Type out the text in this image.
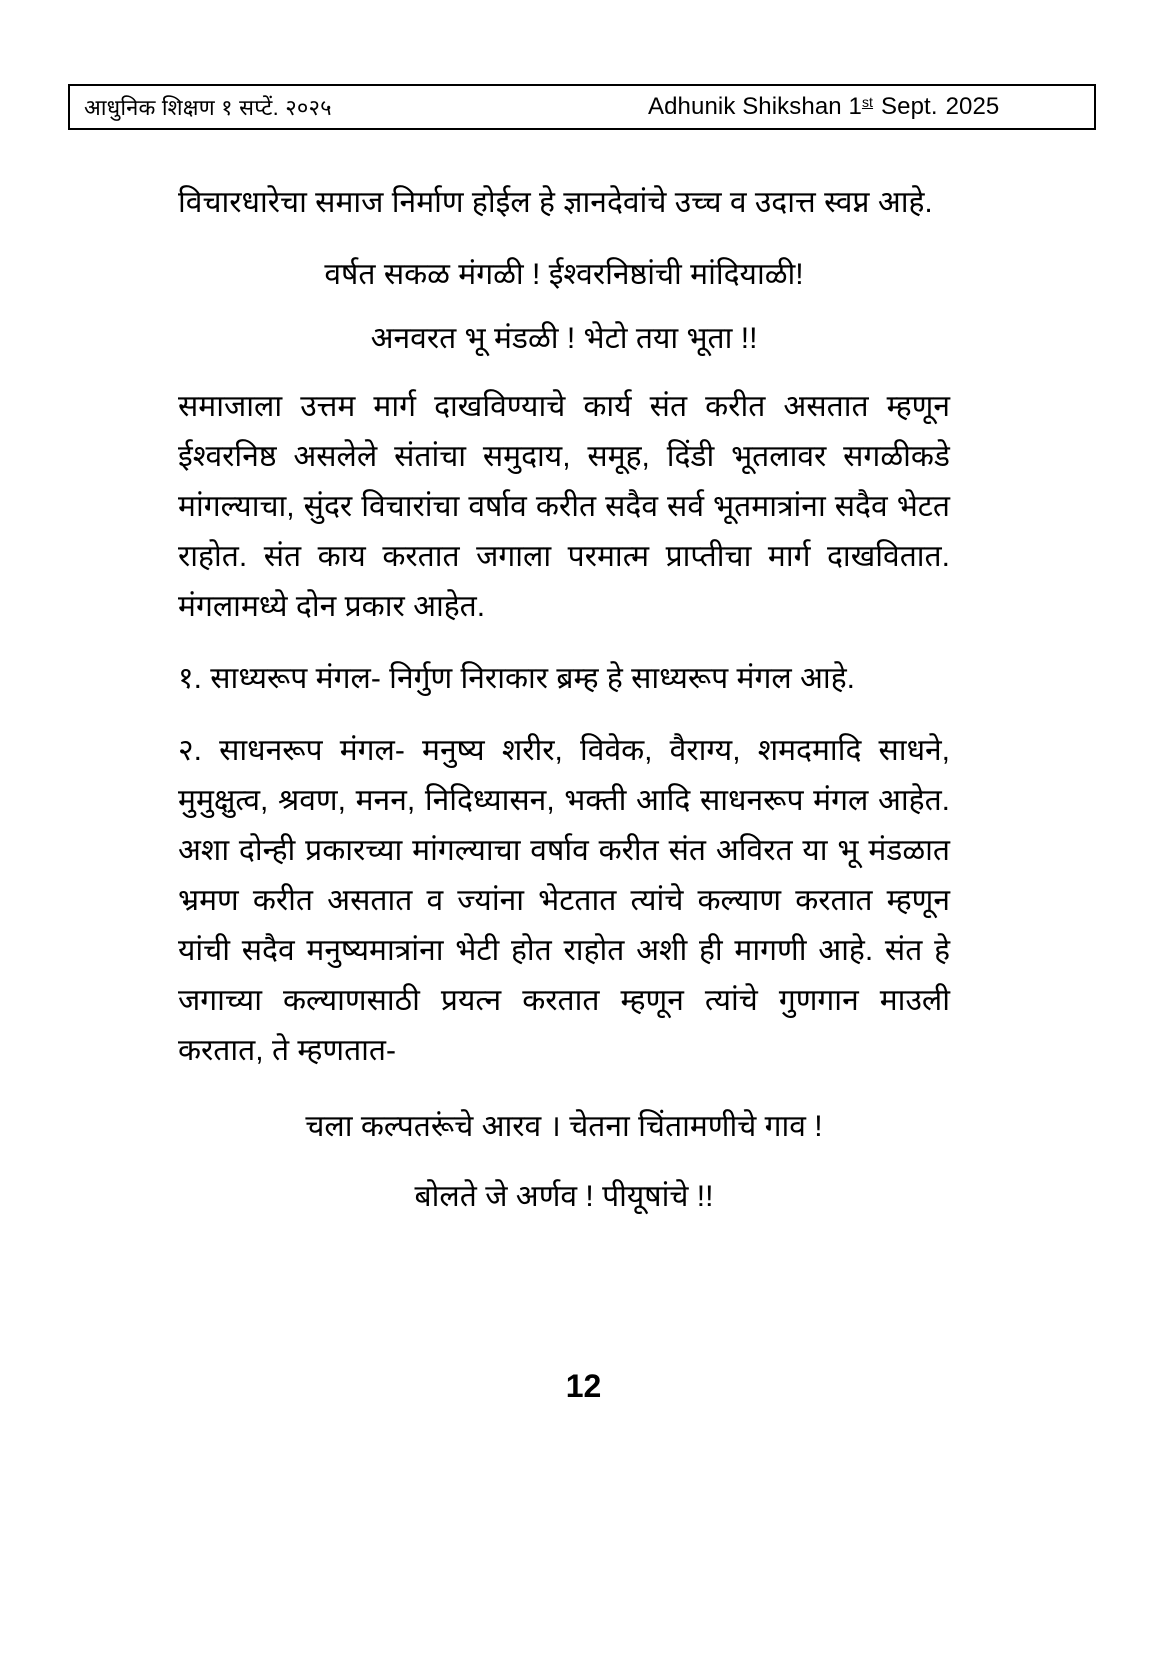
आधुनिक शिक्षण १ सप्टें. २०२५	Adhunik Shikshan 1st Sept. 2025

विचारधारेचा समाज निर्माण होईल हे ज्ञानदेवांचे उच्च व उदात्त स्वप्न आहे.

वर्षत सकळ मंगळी ! ईश्वरनिष्ठांची मांदियाळी!

अनवरत भू मंडळी ! भेटो तया भूता !!

समाजाला उत्तम मार्ग दाखविण्याचे कार्य संत करीत असतात म्हणून ईश्वरनिष्ठ असलेले संतांचा समुदाय, समूह, दिंडी भूतलावर सगळीकडे मांगल्याचा, सुंदर विचारांचा वर्षाव करीत सदैव सर्व भूतमात्रांना सदैव भेटत राहोत. संत काय करतात जगाला परमात्म प्राप्तीचा मार्ग दाखवितात. मंगलामध्ये दोन प्रकार आहेत.

१. साध्यरूप मंगल- निर्गुण निराकार ब्रम्ह हे साध्यरूप मंगल आहे.

२. साधनरूप मंगल- मनुष्य शरीर, विवेक, वैराग्य, शमदमादि साधने, मुमुक्षुत्व, श्रवण, मनन, निदिध्यासन, भक्ती आदि साधनरूप मंगल आहेत. अशा दोन्ही प्रकारच्या मांगल्याचा वर्षाव करीत संत अविरत या भू मंडळात भ्रमण करीत असतात व ज्यांना भेटतात त्यांचे कल्याण करतात म्हणून यांची सदैव मनुष्यमात्रांना भेटी होत राहोत अशी ही मागणी आहे. संत हे जगाच्या कल्याणसाठी प्रयत्न करतात म्हणून त्यांचे गुणगान माउली करतात, ते म्हणतात-

चला कल्पतरूंचे आरव । चेतना चिंतामणीचे गाव !

बोलते जे अर्णव ! पीयूषांचे !!

12
